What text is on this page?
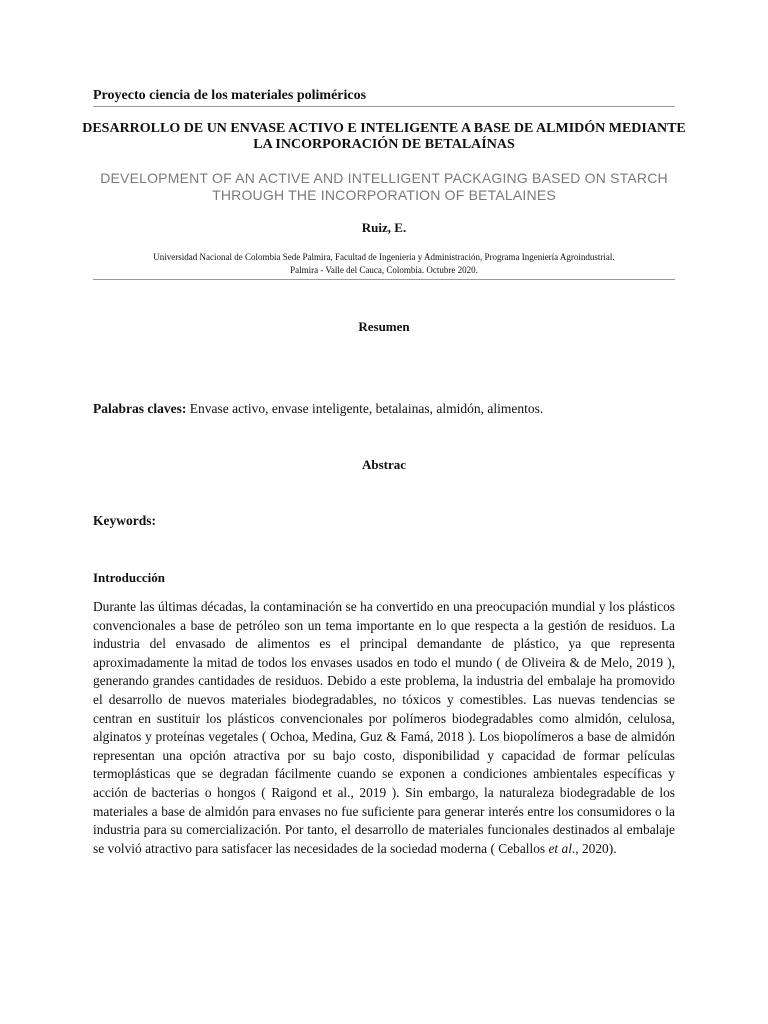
Proyecto ciencia de los materiales poliméricos
DESARROLLO DE UN ENVASE ACTIVO E INTELIGENTE A BASE DE ALMIDÓN MEDIANTE LA INCORPORACIÓN DE BETALAÍNAS
DEVELOPMENT OF AN ACTIVE AND INTELLIGENT PACKAGING BASED ON STARCH THROUGH THE INCORPORATION OF BETALAINES
Ruiz, E.
Universidad Nacional de Colombia Sede Palmira, Facultad de Ingeniería y Administración, Programa Ingeniería Agroindustrial.
Palmira - Valle del Cauca, Colombia. Octubre 2020.
Resumen
Palabras claves: Envase activo, envase inteligente, betalainas, almidón, alimentos.
Abstrac
Keywords:
Introducción

Durante las últimas décadas, la contaminación se ha convertido en una preocupación mundial y los plásticos convencionales a base de petróleo son un tema importante en lo que respecta a la gestión de residuos. La industria del envasado de alimentos es el principal demandante de plástico, ya que representa aproximadamente la mitad de todos los envases usados en todo el mundo ( de Oliveira & de Melo, 2019 ), generando grandes cantidades de residuos. Debido a este problema, la industria del embalaje ha promovido el desarrollo de nuevos materiales biodegradables, no tóxicos y comestibles. Las nuevas tendencias se centran en sustituir los plásticos convencionales por polímeros biodegradables como almidón, celulosa, alginatos y proteínas vegetales ( Ochoa, Medina, Guz & Famá, 2018 ). Los biopolímeros a base de almidón representan una opción atractiva por su bajo costo, disponibilidad y capacidad de formar películas termoplásticas que se degradan fácilmente cuando se exponen a condiciones ambientales específicas y acción de bacterias o hongos ( Raigond et al., 2019 ). Sin embargo, la naturaleza biodegradable de los materiales a base de almidón para envases no fue suficiente para generar interés entre los consumidores o la industria para su comercialización. Por tanto, el desarrollo de materiales funcionales destinados al embalaje se volvió atractivo para satisfacer las necesidades de la sociedad moderna ( Ceballos et al., 2020).
